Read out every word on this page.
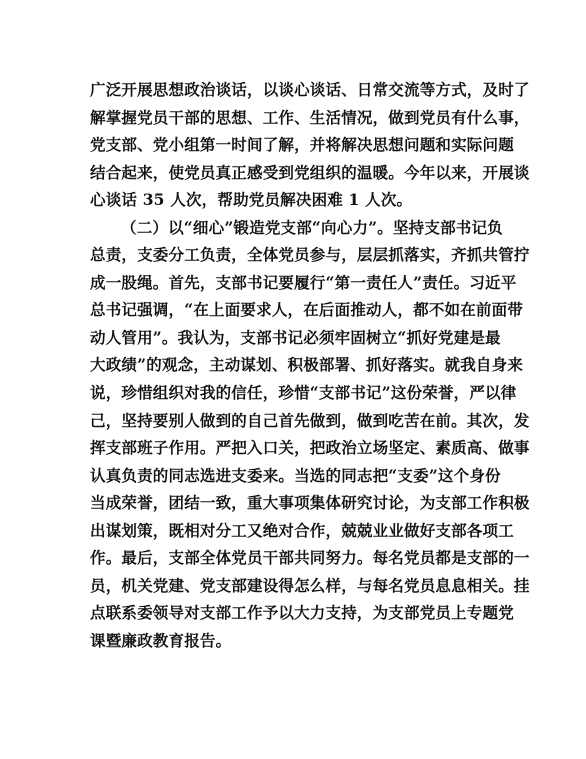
广泛开展思想政治谈话，以谈心谈话、日常交流等方式，及时了
解掌握党员干部的思想、工作、生活情况，做到党员有什么事，
党支部、党小组第一时间了解，并将解决思想问题和实际问题
结合起来，使党员真正感受到党组织的温暖。今年以来，开展谈
心谈话 35 人次，帮助党员解决困难 1 人次。
（二）以“细心”锻造党支部“向心力”。坚持支部书记负
总责，支委分工负责，全体党员参与，层层抓落实，齐抓共管拧
成一股绳。首先，支部书记要履行“第一责任人”责任。习近平
总书记强调，“在上面要求人，在后面推动人，都不如在前面带
动人管用”。我认为，支部书记必须牢固树立“抓好党建是最
大政绩”的观念，主动谋划、积极部署、抓好落实。就我自身来
说，珍惜组织对我的信任，珍惜“支部书记”这份荣誉，严以律
己，坚持要别人做到的自己首先做到，做到吃苦在前。其次，发
挥支部班子作用。严把入口关，把政治立场坚定、素质高、做事
认真负责的同志选进支委来。当选的同志把“支委”这个身份
当成荣誉，团结一致，重大事项集体研究讨论，为支部工作积极
出谋划策，既相对分工又绝对合作，兢兢业业做好支部各项工
作。最后，支部全体党员干部共同努力。每名党员都是支部的一
员，机关党建、党支部建设得怎么样，与每名党员息息相关。挂
点联系委领导对支部工作予以大力支持，为支部党员上专题党
课暨廉政教育报告。
